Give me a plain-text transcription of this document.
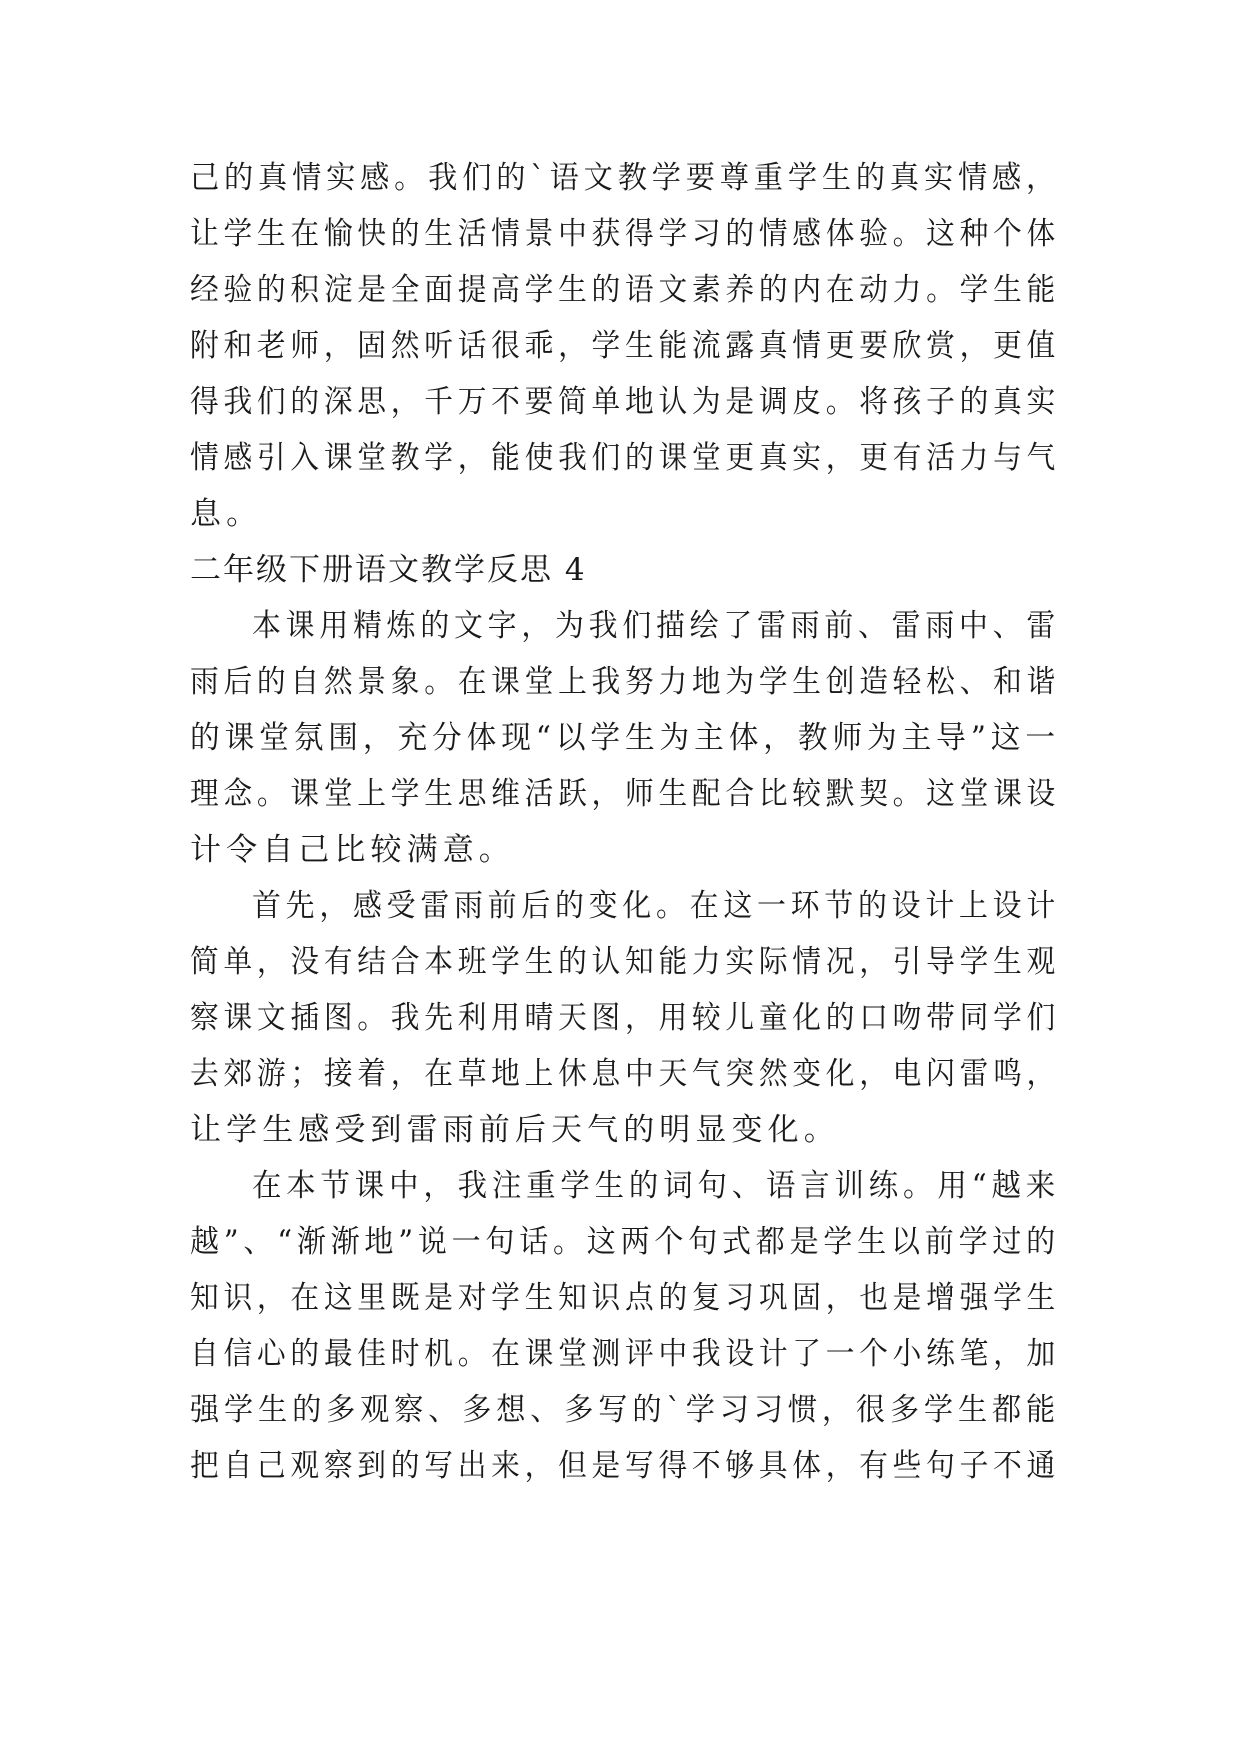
己的真情实感。我们的`语文教学要尊重学生的真实情感，
让学生在愉快的生活情景中获得学习的情感体验。这种个体
经验的积淀是全面提高学生的语文素养的内在动力。学生能
附和老师，固然听话很乖，学生能流露真情更要欣赏，更值
得我们的深思，千万不要简单地认为是调皮。将孩子的真实
情感引入课堂教学，能使我们的课堂更真实，更有活力与气
息。
二年级下册语文教学反思 4
本课用精炼的文字，为我们描绘了雷雨前、雷雨中、雷
雨后的自然景象。在课堂上我努力地为学生创造轻松、和谐
的课堂氛围，充分体现“以学生为主体，教师为主导”这一
理念。课堂上学生思维活跃，师生配合比较默契。这堂课设
计令自己比较满意。
首先，感受雷雨前后的变化。在这一环节的设计上设计
简单，没有结合本班学生的认知能力实际情况，引导学生观
察课文插图。我先利用晴天图，用较儿童化的口吻带同学们
去郊游；接着，在草地上休息中天气突然变化，电闪雷鸣，
让学生感受到雷雨前后天气的明显变化。
在本节课中，我注重学生的词句、语言训练。用“越来
越”、“渐渐地”说一句话。这两个句式都是学生以前学过的
知识，在这里既是对学生知识点的复习巩固，也是增强学生
自信心的最佳时机。在课堂测评中我设计了一个小练笔，加
强学生的多观察、多想、多写的`学习习惯，很多学生都能
把自己观察到的写出来，但是写得不够具体，有些句子不通
